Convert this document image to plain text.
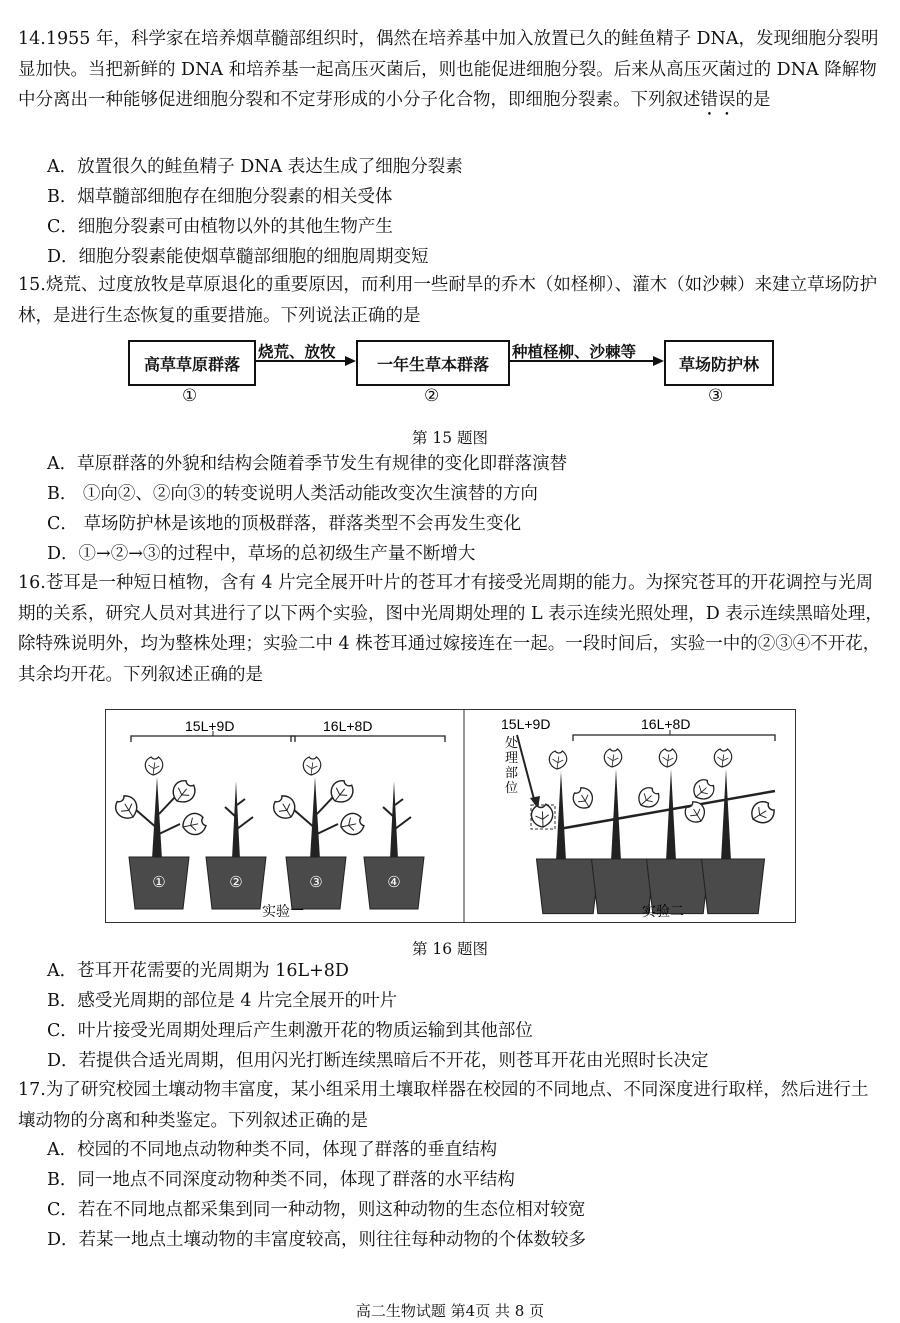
14.1955 年，科学家在培养烟草髓部组织时，偶然在培养基中加入放置已久的鲑鱼精子 DNA，发现细胞分裂明显加快。当把新鲜的 DNA 和培养基一起高压灭菌后，则也能促进细胞分裂。后来从高压灭菌过的 DNA 降解物中分离出一种能够促进细胞分裂和不定芽形成的小分子化合物，即细胞分裂素。下列叙述错误的是
A．放置很久的鲑鱼精子 DNA 表达生成了细胞分裂素
B．烟草髓部细胞存在细胞分裂素的相关受体
C．细胞分裂素可由植物以外的其他生物产生
D．细胞分裂素能使烟草髓部细胞的细胞周期变短
15.烧荒、过度放牧是草原退化的重要原因，而利用一些耐旱的乔木（如柽柳）、灌木（如沙棘）来建立草场防护林，是进行生态恢复的重要措施。下列说法正确的是
高草草原群落	一年生草本群落	草场防护林
烧荒、放牧	种植柽柳、沙棘等
①	②	③
第 15 题图
A．草原群落的外貌和结构会随着季节发生有规律的变化即群落演替
B． ①向②、②向③的转变说明人类活动能改变次生演替的方向
C． 草场防护林是该地的顶极群落，群落类型不会再发生变化
D．①→②→③的过程中，草场的总初级生产量不断增大
16.苍耳是一种短日植物，含有 4 片完全展开叶片的苍耳才有接受光周期的能力。为探究苍耳的开花调控与光周期的关系，研究人员对其进行了以下两个实验，图中光周期处理的 L 表示连续光照处理，D 表示连续黑暗处理，除特殊说明外，均为整株处理；实验二中 4 株苍耳通过嫁接连在一起。一段时间后，实验一中的②③④不开花，其余均开花。下列叙述正确的是
15L+9D	16L+8D
①	②	③	④
实验一
15L+9D	16L+8D
处 理 部 位
实验二
第 16 题图
A．苍耳开花需要的光周期为 16L+8D
B．感受光周期的部位是 4 片完全展开的叶片
C．叶片接受光周期处理后产生刺激开花的物质运输到其他部位
D．若提供合适光周期，但用闪光打断连续黑暗后不开花，则苍耳开花由光照时长决定
17.为了研究校园土壤动物丰富度，某小组采用土壤取样器在校园的不同地点、不同深度进行取样，然后进行土壤动物的分离和种类鉴定。下列叙述正确的是
A．校园的不同地点动物种类不同，体现了群落的垂直结构
B．同一地点不同深度动物种类不同，体现了群落的水平结构
C．若在不同地点都采集到同一种动物，则这种动物的生态位相对较宽
D．若某一地点土壤动物的丰富度较高，则往往每种动物的个体数较多
高二生物试题 第4页 共 8 页
